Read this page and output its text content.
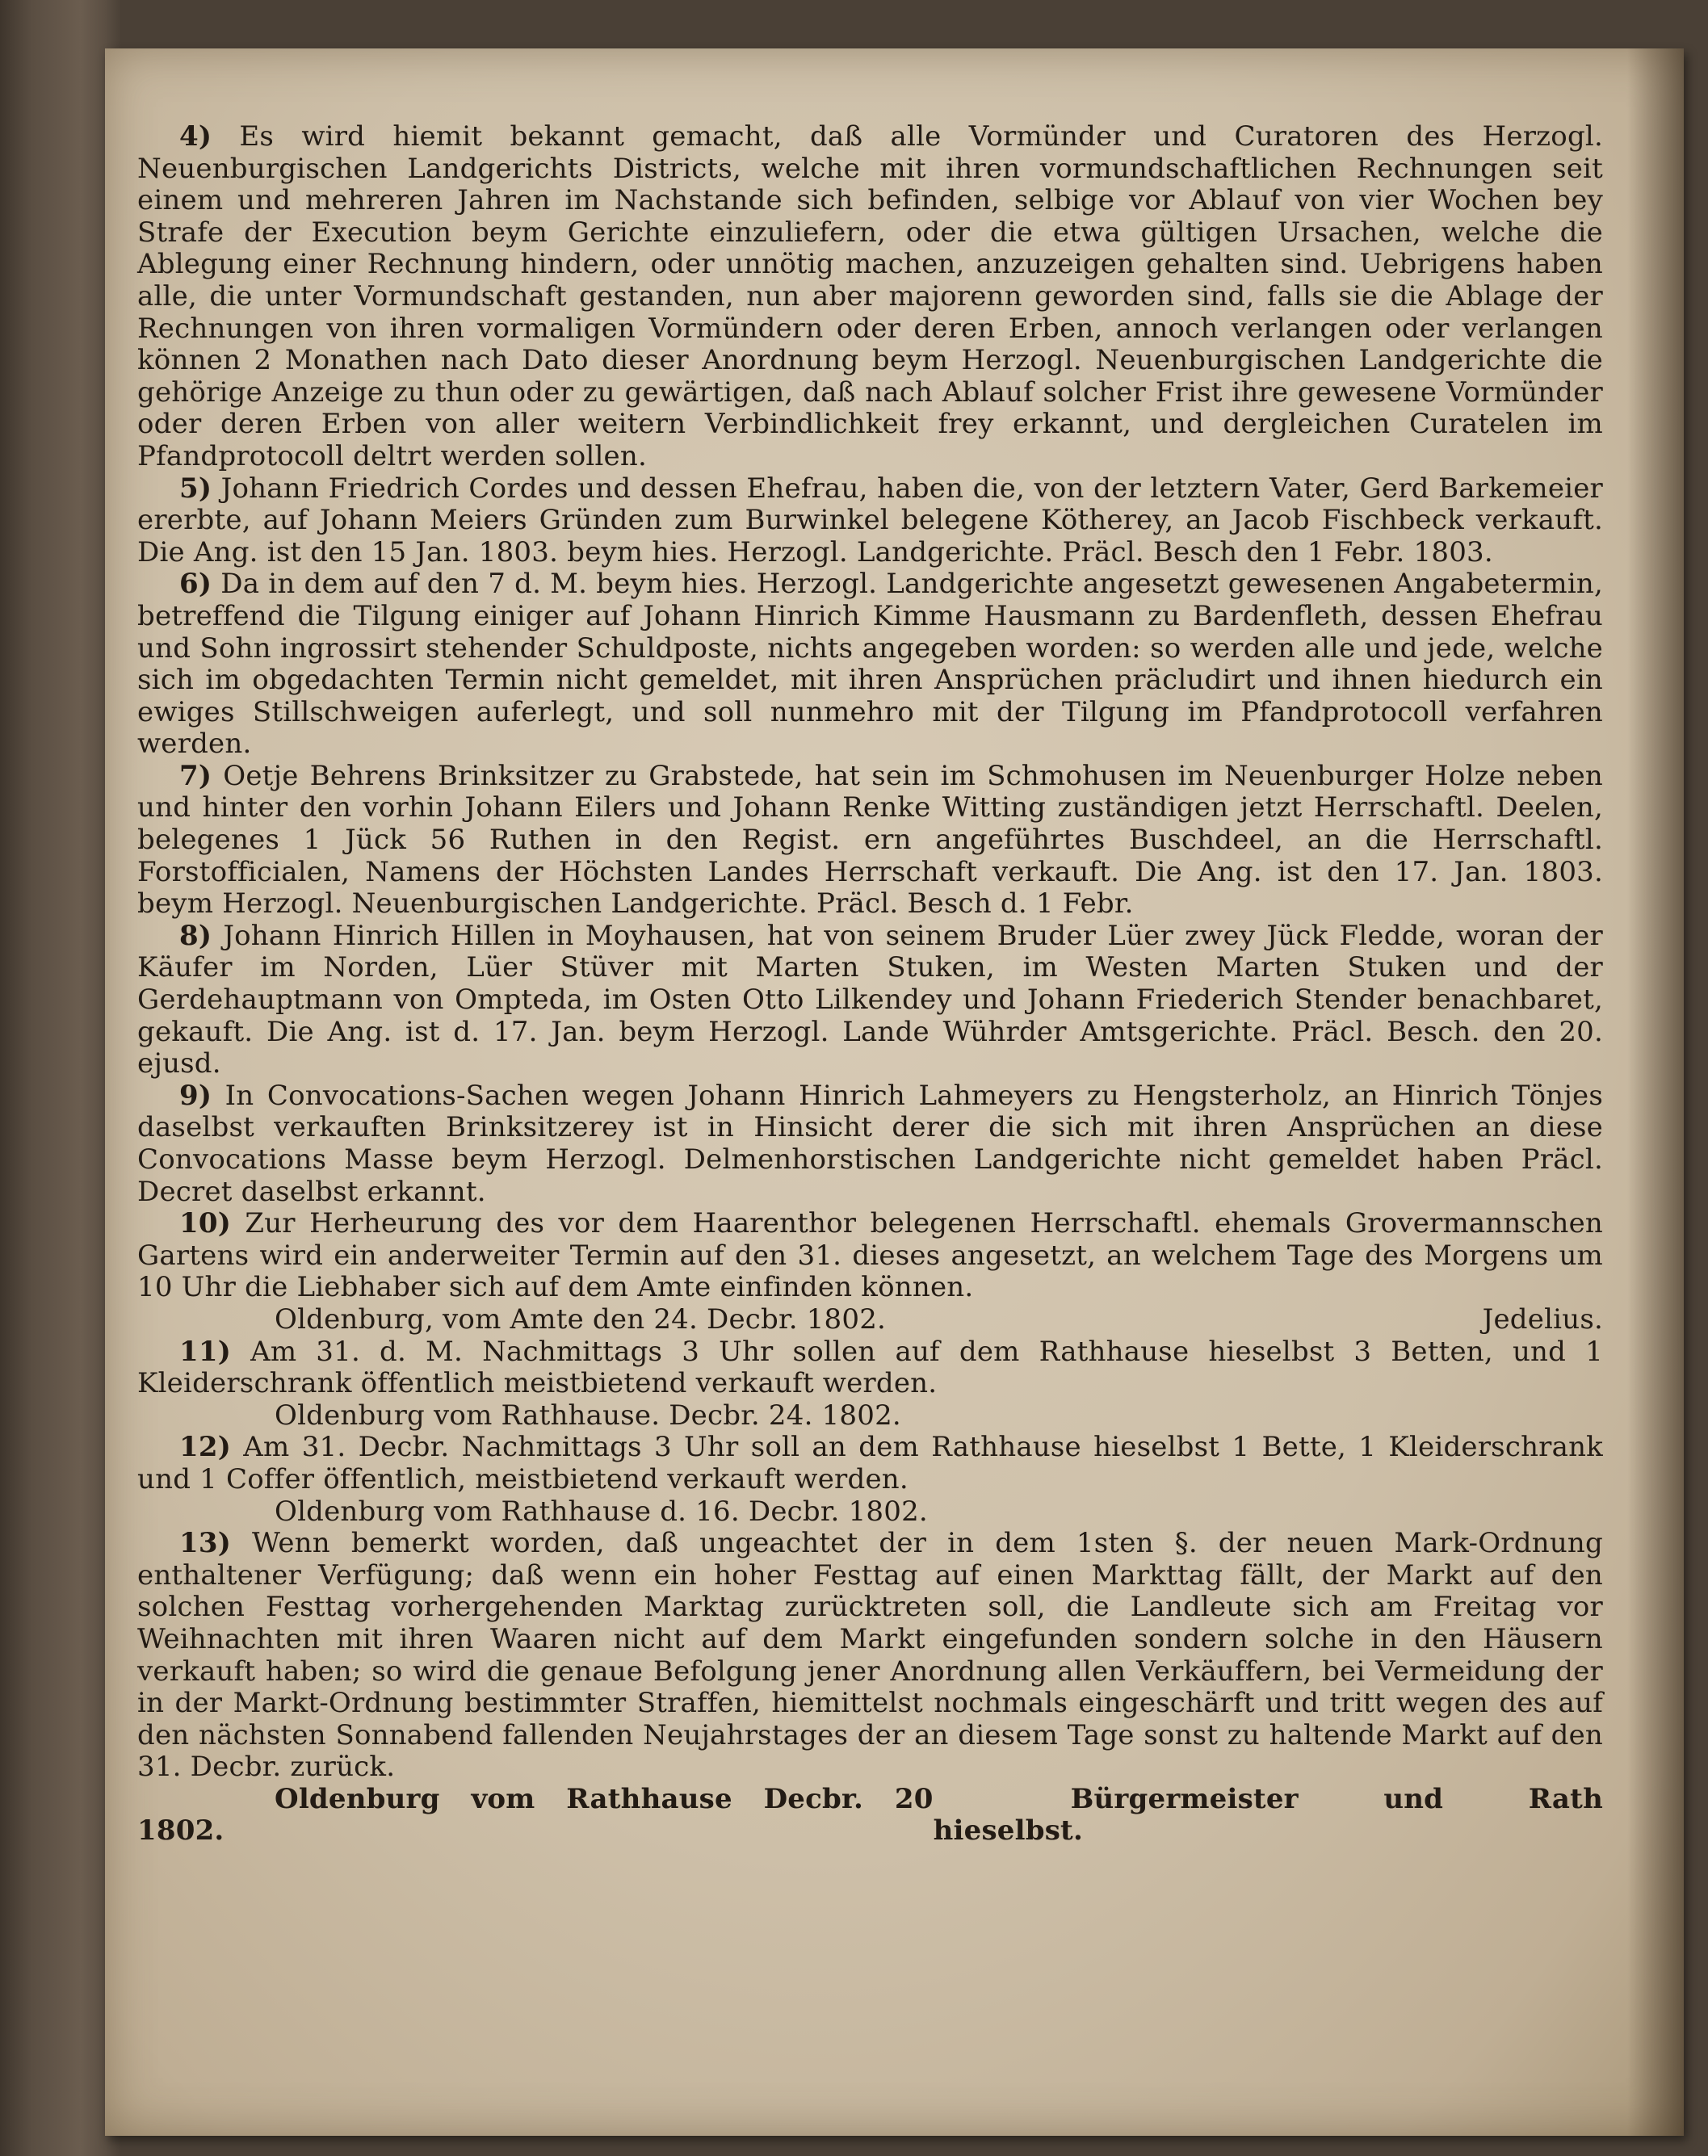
4) Es wird hiemit bekannt gemacht, daß alle Vormünder und Curatoren des Herzogl. Neuenburgischen Landgerichts Districts, welche mit ihren vormundschaftlichen Rechnungen seit einem und mehreren Jahren im Nachstande sich befinden, selbige vor Ablauf von vier Wochen bey Strafe der Execution beym Gerichte einzuliefern, oder die etwa gültigen Ursachen, welche die Ablegung einer Rechnung hindern, oder unnötig machen, anzuzeigen gehalten sind. Uebrigens haben alle, die unter Vormundschaft gestanden, nun aber majorenn geworden sind, falls sie die Ablage der Rechnungen von ihren vormaligen Vormündern oder deren Erben, annoch verlangen oder verlangen können 2 Monathen nach Dato dieser Anordnung beym Herzogl. Neuenburgischen Landgerichte die gehörige Anzeige zu thun oder zu gewärtigen, daß nach Ablauf solcher Frist ihre gewesene Vormünder oder deren Erben von aller weitern Verbindlichkeit frey erkannt, und dergleichen Curatelen im Pfandprotocoll deltrt werden sollen.

5) Johann Friedrich Cordes und dessen Ehefrau, haben die, von der letztern Vater, Gerd Barkemeier ererbte, auf Johann Meiers Gründen zum Burwinkel belegene Kötherey, an Jacob Fischbeck verkauft. Die Ang. ist den 15 Jan. 1803. beym hies. Herzogl. Landgerichte. Präcl. Besch den 1 Febr. 1803.

6) Da in dem auf den 7 d. M. beym hies. Herzogl. Landgerichte angesetzt gewesenen Angabetermin, betreffend die Tilgung einiger auf Johann Hinrich Kimme Hausmann zu Bardenfleth, dessen Ehefrau und Sohn ingrossirt stehender Schuldposte, nichts angegeben worden: so werden alle und jede, welche sich im obgedachten Termin nicht gemeldet, mit ihren Ansprüchen präcludirt und ihnen hiedurch ein ewiges Stillschweigen auferlegt, und soll nunmehro mit der Tilgung im Pfandprotocoll verfahren werden.

7) Oetje Behrens Brinksitzer zu Grabstede, hat sein im Schmohusen im Neuenburger Holze neben und hinter den vorhin Johann Eilers und Johann Renke Witting zuständigen jetzt Herrschaftl. Deelen, belegenes 1 Jück 56 Ruthen in den Regist. ern angeführtes Buschdeel, an die Herrschaftl. Forstofficialen, Namens der Höchsten Landes Herrschaft verkauft. Die Ang. ist den 17. Jan. 1803. beym Herzogl. Neuenburgischen Landgerichte. Präcl. Besch d. 1 Febr.

8) Johann Hinrich Hillen in Moyhausen, hat von seinem Bruder Lüer zwey Jück Fledde, woran der Käufer im Norden, Lüer Stüver mit Marten Stuken, im Westen Marten Stuken und der Gerdehauptmann von Ompteda, im Osten Otto Lilkendey und Johann Friederich Stender benachbaret, gekauft. Die Ang. ist d. 17. Jan. beym Herzogl. Lande Wührder Amtsgerichte. Präcl. Besch. den 20. ejusd.

9) In Convocations-Sachen wegen Johann Hinrich Lahmeyers zu Hengsterholz, an Hinrich Tönjes daselbst verkauften Brinksitzerey ist in Hinsicht derer die sich mit ihren Ansprüchen an diese Convocations Masse beym Herzogl. Delmenhorstischen Landgerichte nicht gemeldet haben Präcl. Decret daselbst erkannt.

10) Zur Herheurung des vor dem Haarenthor belegenen Herrschaftl. ehemals Grovermannschen Gartens wird ein anderweiter Termin auf den 31. dieses angesetzt, an welchem Tage des Morgens um 10 Uhr die Liebhaber sich auf dem Amte einfinden können.

Oldenburg, vom Amte den 24. Decbr. 1802.	Jedelius.

11) Am 31. d. M. Nachmittags 3 Uhr sollen auf dem Rathhause hieselbst 3 Betten, und 1 Kleiderschrank öffentlich meistbietend verkauft werden.

Oldenburg vom Rathhause. Decbr. 24. 1802.

12) Am 31. Decbr. Nachmittags 3 Uhr soll an dem Rathhause hieselbst 1 Bette, 1 Kleiderschrank und 1 Coffer öffentlich, meistbietend verkauft werden.

Oldenburg vom Rathhause d. 16. Decbr. 1802.

13) Wenn bemerkt worden, daß ungeachtet der in dem 1sten §. der neuen Mark-Ordnung enthaltener Verfügung; daß wenn ein hoher Festtag auf einen Markttag fällt, der Markt auf den solchen Festtag vorhergehenden Marktag zurücktreten soll, die Landleute sich am Freitag vor Weihnachten mit ihren Waaren nicht auf dem Markt eingefunden sondern solche in den Häusern verkauft haben; so wird die genaue Befolgung jener Anordnung allen Verkäuffern, bei Vermeidung der in der Markt-Ordnung bestimmter Straffen, hiemittelst nochmals eingeschärft und tritt wegen des auf den nächsten Sonnabend fallenden Neujahrstages der an diesem Tage sonst zu haltende Markt auf den 31. Decbr. zurück.

Oldenburg vom Rathhause Decbr. 20 1802.
Bürgermeister und Rath hieselbst.
